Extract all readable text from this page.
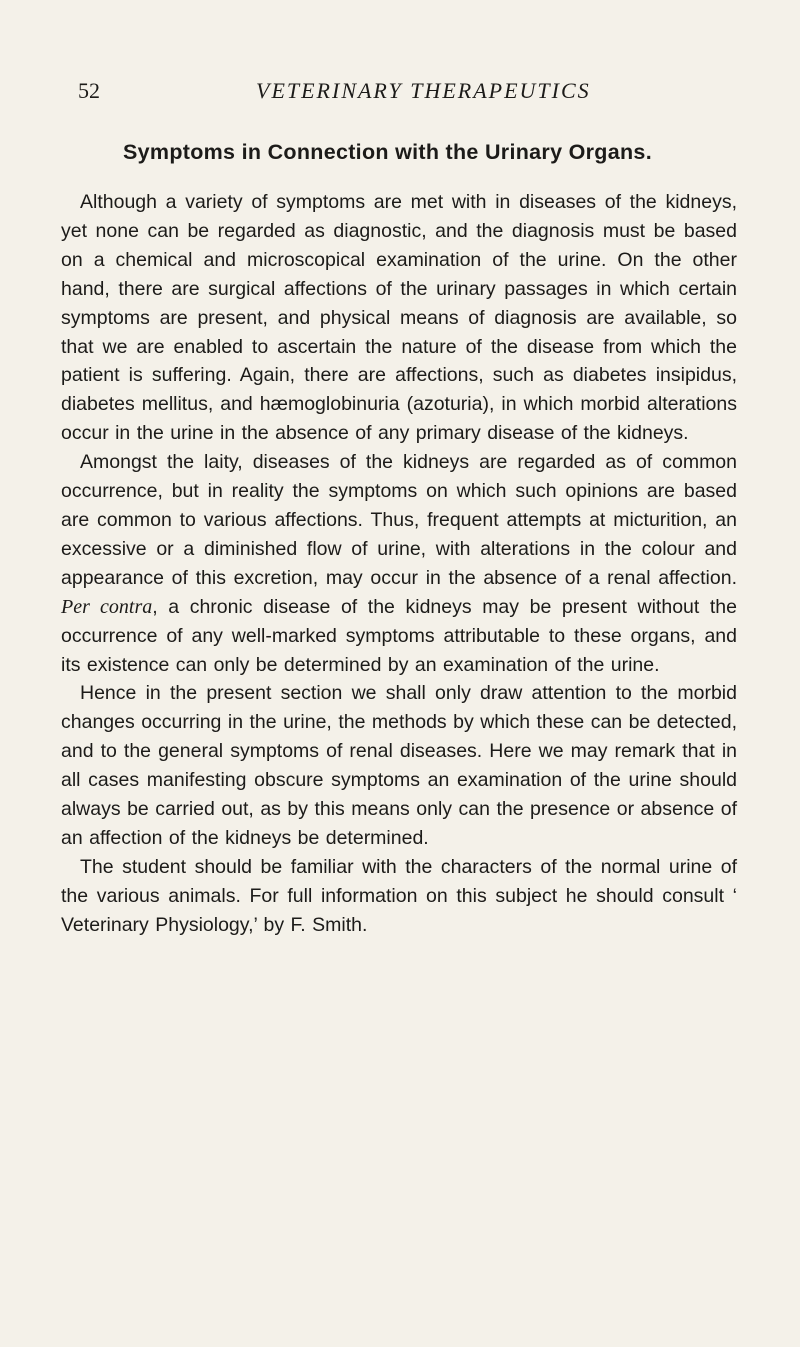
52	VETERINARY THERAPEUTICS
Symptoms in Connection with the Urinary Organs.

Although a variety of symptoms are met with in diseases of the kidneys, yet none can be regarded as diagnostic, and the diagnosis must be based on a chemical and microscopical examination of the urine. On the other hand, there are surgical affections of the urinary passages in which certain symptoms are present, and physical means of diagnosis are available, so that we are enabled to ascertain the nature of the disease from which the patient is suffering. Again, there are affections, such as diabetes insipidus, diabetes mellitus, and hæmoglobinuria (azoturia), in which morbid alterations occur in the urine in the absence of any primary disease of the kidneys.

Amongst the laity, diseases of the kidneys are regarded as of common occurrence, but in reality the symptoms on which such opinions are based are common to various affections. Thus, frequent attempts at micturition, an excessive or a diminished flow of urine, with alterations in the colour and appearance of this excretion, may occur in the absence of a renal affection. Per contra, a chronic disease of the kidneys may be present without the occurrence of any well-marked symptoms attributable to these organs, and its existence can only be determined by an examination of the urine.

Hence in the present section we shall only draw attention to the morbid changes occurring in the urine, the methods by which these can be detected, and to the general symptoms of renal diseases. Here we may remark that in all cases manifesting obscure symptoms an examination of the urine should always be carried out, as by this means only can the presence or absence of an affection of the kidneys be determined.

The student should be familiar with the characters of the normal urine of the various animals. For full information on this subject he should consult ‘ Veterinary Physiology,’ by F. Smith.
